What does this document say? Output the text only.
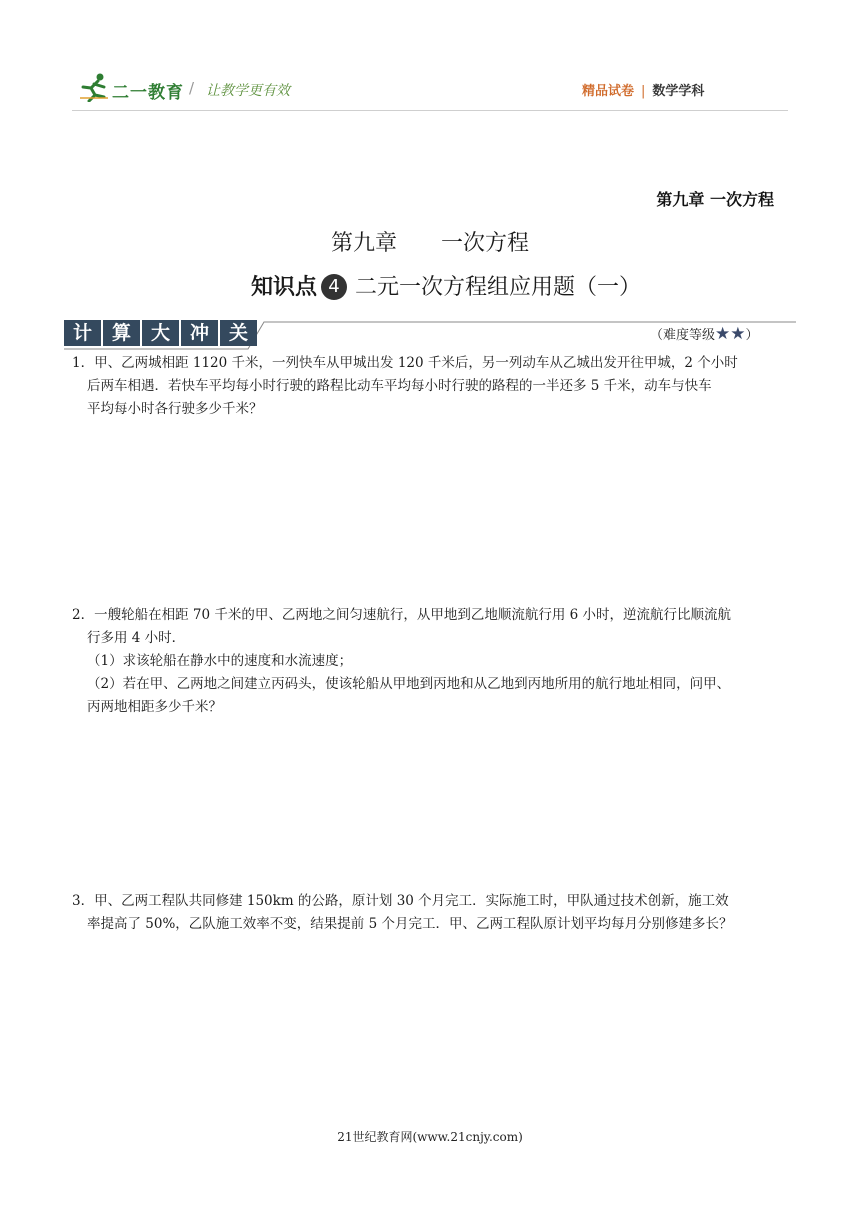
二一教育 / 让教学更有效	精品试卷 | 数学学科
第九章 一次方程
第九章 一次方程
知识点 4 二元一次方程组应用题（一）
计	算	大	冲	关	（难度等级★★）

1．甲、乙两城相距 1120 千米，一列快车从甲城出发 120 千米后，另一列动车从乙城出发开往甲城，2 个小时

后两车相遇．若快车平均每小时行驶的路程比动车平均每小时行驶的路程的一半还多 5 千米，动车与快车

平均每小时各行驶多少千米？

2．一艘轮船在相距 70 千米的甲、乙两地之间匀速航行，从甲地到乙地顺流航行用 6 小时，逆流航行比顺流航

行多用 4 小时．

（1）求该轮船在静水中的速度和水流速度；

（2）若在甲、乙两地之间建立丙码头，使该轮船从甲地到丙地和从乙地到丙地所用的航行地址相同，问甲、

丙两地相距多少千米？

3．甲、乙两工程队共同修建 150km 的公路，原计划 30 个月完工．实际施工时，甲队通过技术创新，施工效

率提高了 50%，乙队施工效率不变，结果提前 5 个月完工．甲、乙两工程队原计划平均每月分别修建多长？

21世纪教育网(www.21cnjy.com)
